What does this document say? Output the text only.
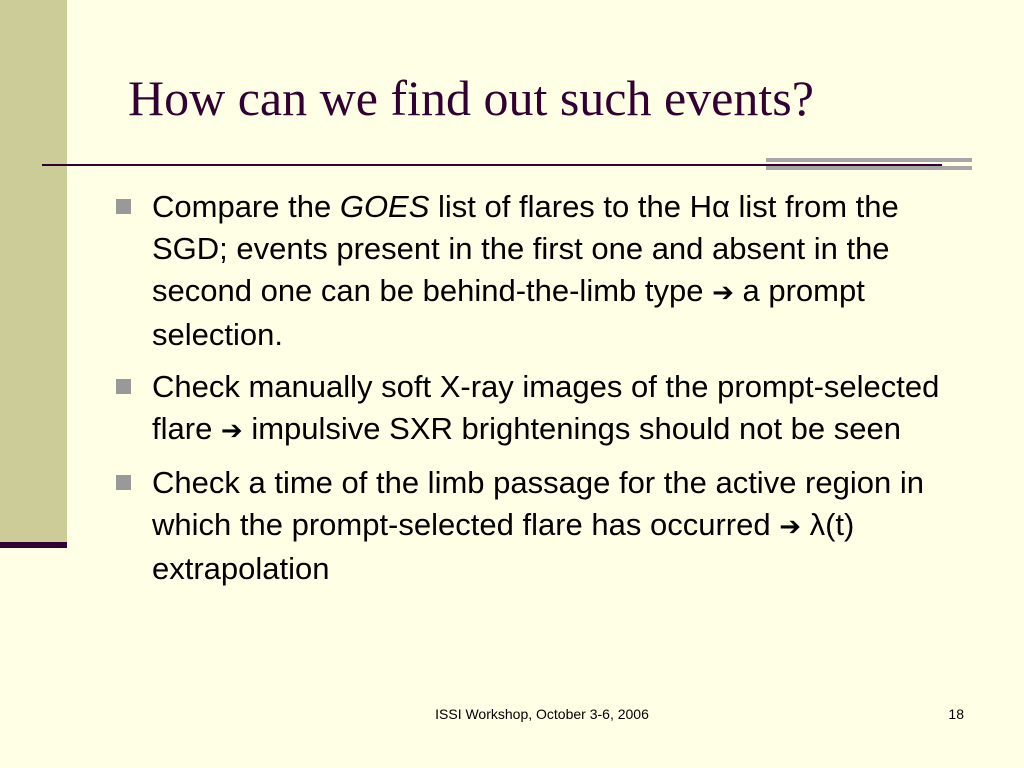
How can we find out such events?
Compare the GOES list of flares to the Hα list from the SGD; events present in the first one and absent in the second one can be behind-the-limb type ➔ a prompt selection.
Check manually soft X-ray images of the prompt-selected flare ➔ impulsive SXR brightenings should not be seen
Check a time of the limb passage for the active region in which the prompt-selected flare has occurred ➔ λ(t) extrapolation
ISSI Workshop, October 3-6, 2006	18
